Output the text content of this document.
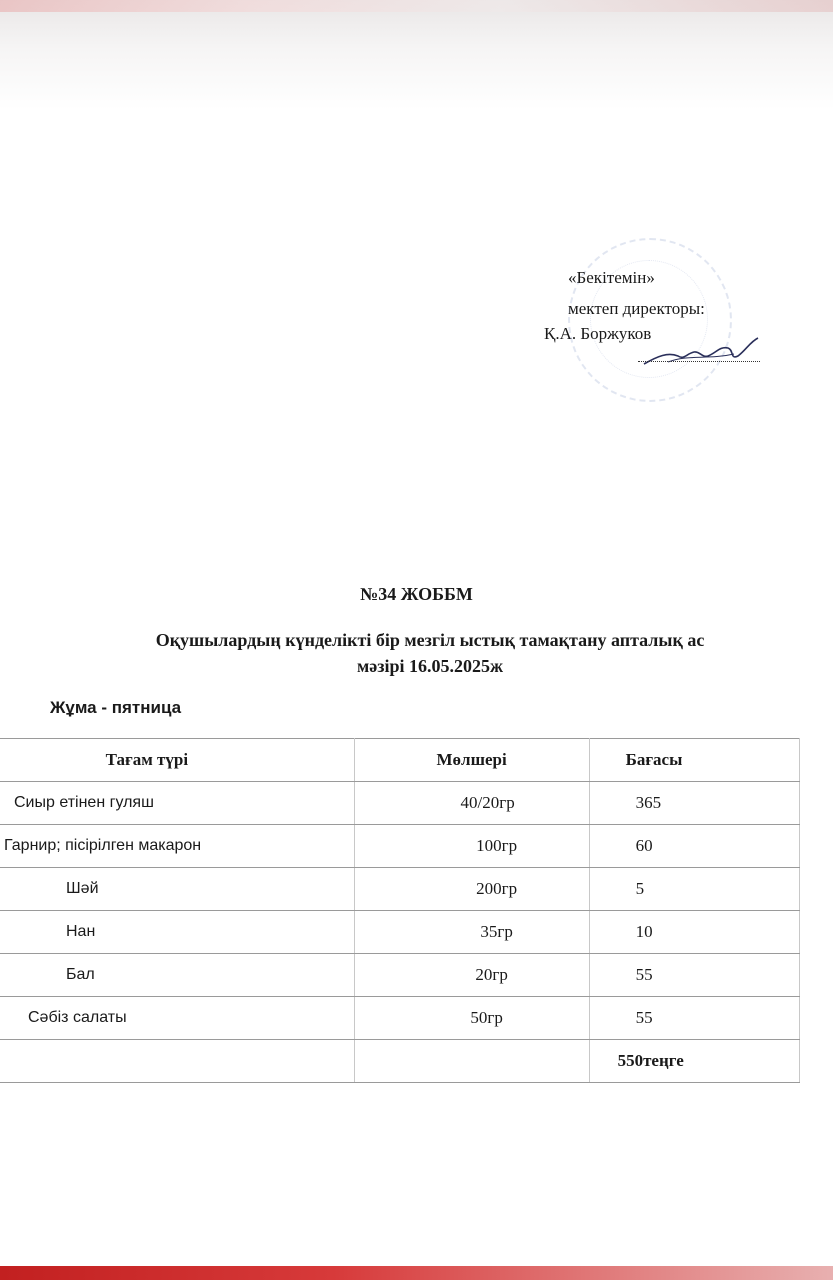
«Бекітемін»
мектеп директоры:
Қ.А. Боржуков
№34 ЖОББМ
Оқушылардың күнделікті бір мезгіл ыстық тамақтану апталық ас
мәзірі 16.05.2025ж
Жұма - пятница
Тағам түрі	Мөлшері	Бағасы
Сиыр етінен гуляш	40/20гр	365
Гарнир; пісірілген макарон	100гр	60
Шәй	200гр	5
Нан	35гр	10
Бал	20гр	55
Сәбіз салаты	50гр	55
		550теңге
